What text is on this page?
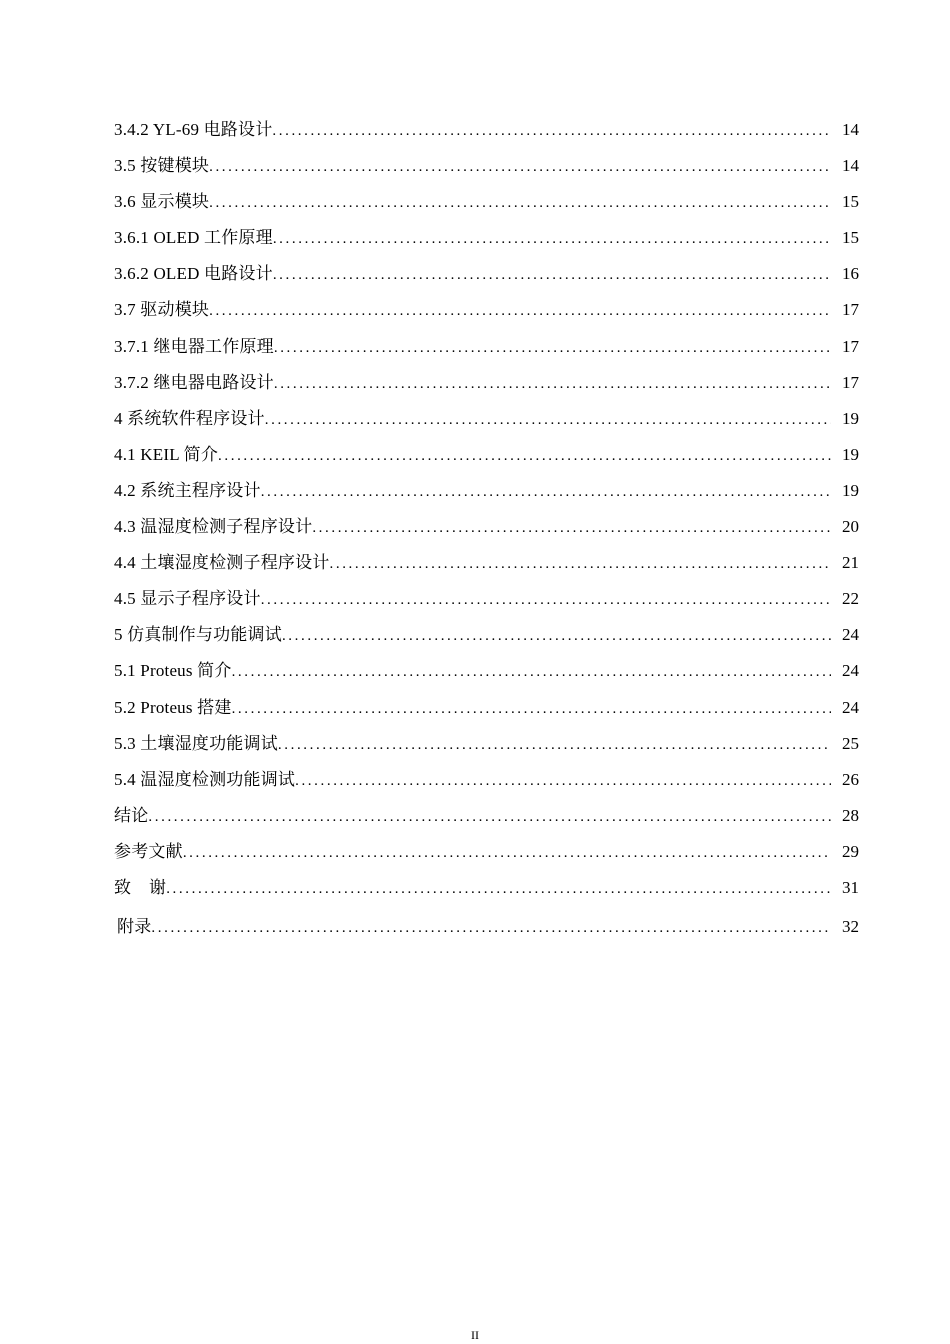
3.4.2 YL-69 电路设计 .....	14
3.5 按键模块 .....	14
3.6 显示模块 .....	15
3.6.1 OLED 工作原理 .....	15
3.6.2 OLED 电路设计 .....	16
3.7 驱动模块 .....	17
3.7.1 继电器工作原理 .....	17
3.7.2 继电器电路设计 .....	17
4 系统软件程序设计 .....	19
4.1 KEIL 简介 .....	19
4.2 系统主程序设计 .....	19
4.3 温湿度检测子程序设计 .....	20
4.4 土壤湿度检测子程序设计 .....	21
4.5 显示子程序设计 .....	22
5 仿真制作与功能调试 .....	24
5.1 Proteus 简介 .....	24
5.2 Proteus 搭建 .....	24
5.3 土壤湿度功能调试 .....	25
5.4 温湿度检测功能调试 .....	26
结论 .....	28
参考文献 .....	29
致    谢 .....	31
附录 .....	32
II
